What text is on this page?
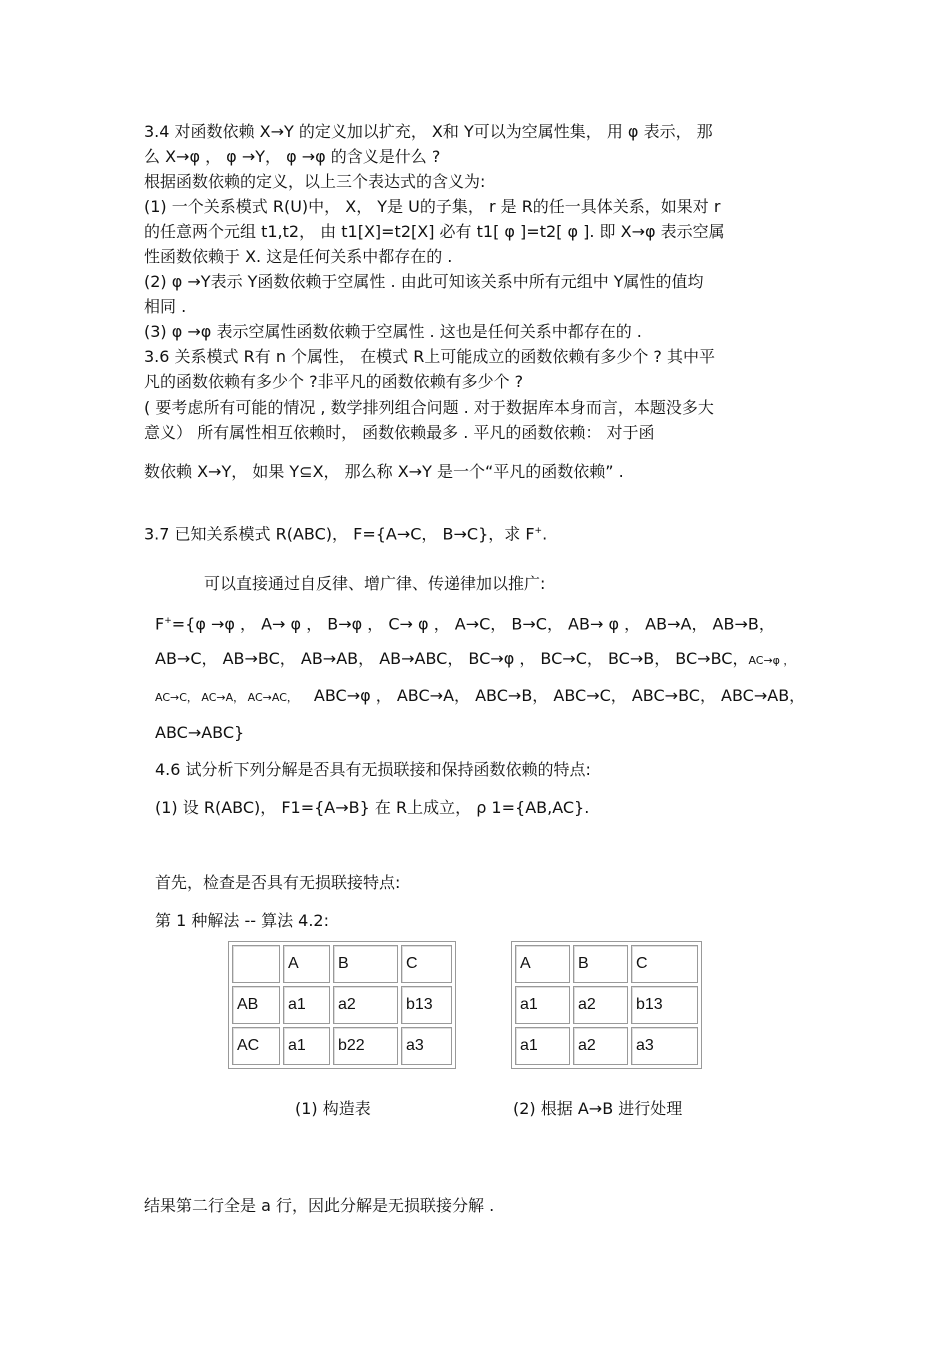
3.4 对函数依赖 X→Y 的定义加以扩充， X和 Y可以为空属性集， 用 φ 表示， 那
么 X→φ ， φ →Y， φ →φ 的含义是什么 ?
根据函数依赖的定义，以上三个表达式的含义为:
(1) 一个关系模式 R(U)中， X， Y是 U的子集， r 是 R的任一具体关系，如果对 r
的任意两个元组 t1,t2， 由 t1[X]=t2[X] 必有 t1[ φ ]=t2[ φ ]. 即 X→φ 表示空属
性函数依赖于 X. 这是任何关系中都存在的 .
(2) φ →Y表示 Y函数依赖于空属性 . 由此可知该关系中所有元组中 Y属性的值均
相同 .
(3) φ →φ 表示空属性函数依赖于空属性 . 这也是任何关系中都存在的 .
3.6 关系模式 R有 n 个属性， 在模式 R上可能成立的函数依赖有多少个 ? 其中平
凡的函数依赖有多少个 ?非平凡的函数依赖有多少个 ?
( 要考虑所有可能的情况 , 数学排列组合问题 . 对于数据库本身而言，本题没多大
意义） 所有属性相互依赖时， 函数依赖最多 . 平凡的函数依赖： 对于函
数依赖 X→Y， 如果 Y⊆X， 那么称 X→Y 是一个“平凡的函数依赖” .
3.7 已知关系模式 R(ABC)， F={A→C， B→C}，求 F+.
可以直接通过自反律、增广律、传递律加以推广:
F+={φ →φ ， A→ φ ， B→φ ， C→ φ ， A→C， B→C， AB→ φ ， AB→A， AB→B，
AB→C， AB→BC， AB→AB， AB→ABC， BC→φ ， BC→C， BC→B， BC→BC，AC→φ ，
AC→C， AC→A， AC→AC， ABC→φ ， ABC→A， ABC→B， ABC→C， ABC→BC， ABC→AB，
ABC→ABC}
4.6 试分析下列分解是否具有无损联接和保持函数依赖的特点:
(1) 设 R(ABC)， F1={A→B} 在 R上成立， ρ 1={AB,AC}.
首先，检查是否具有无损联接特点:
第 1 种解法 -- 算法 4.2:
	A	B	C
AB	a1	a2	b13
AC	a1	b22	a3
(1) 构造表
A	B	C
a1	a2	b13
a1	a2	a3
(2) 根据 A→B 进行处理
结果第二行全是 a 行，因此分解是无损联接分解 .
